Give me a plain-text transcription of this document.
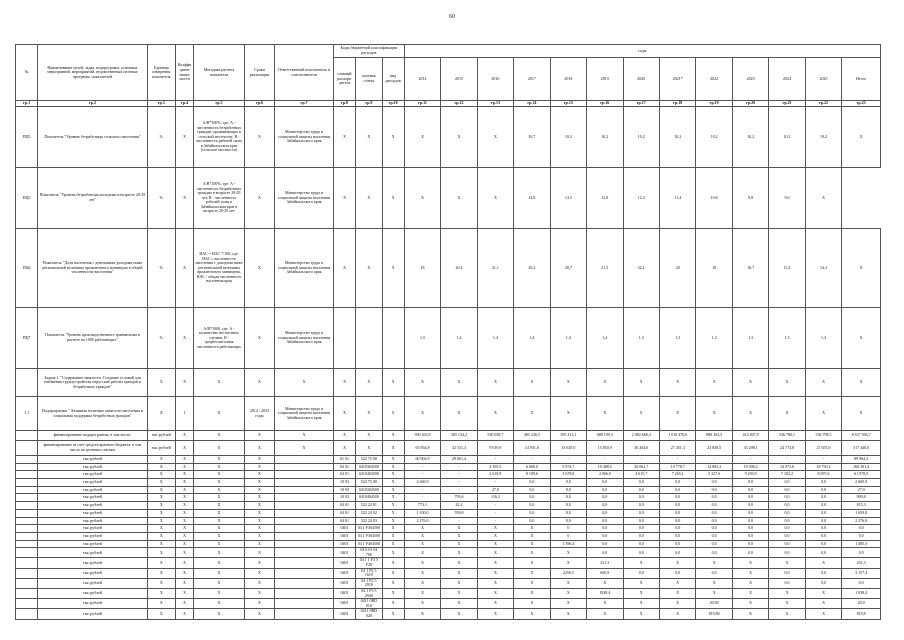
60
№	Наименование целей, задач, подпрограмм, основных мероприятий, мероприятий, ведомственных целевых программ, показателей	Единица измерения показателя	Коэффи циент значи- мости	Методика расчета показателя	Сроки реализации	Ответственный исполнитель и соисполнители	Коды бюджетной классификации расходов			годы												
							главный распоря- дитель	целевая статья	вид расходов	2014	2015	2016	2017	2018	2019	2020	2021*	2022	2023	2024	2025	Итого
гр.1	гр.2	гр.3	гр.4	гр.5	гр.6	гр.7	гр.8	гр.9	гр.10	гр.11	гр.12	гр.13	гр.14	гр.15	гр.16	гр.17	гр.18	гр.19	гр.20	гр.21	гр.22	гр.23
ПЦ5	Показатель "Уровень безработицы сельского населения"	%	X	А/В*100%, где: А - численность безработных граждан, проживающих в сельской местности, В - численность рабочей силы в Забайкальском крае (сельские местности)	X	Министерство труда и социальной защиты населения Забайкальского края	X	X	X	X	X	X	10,7	10,2	10,2	10,2	10,2	10,2	10,2	10,2	10,2	X
ПЦ5	Показатель "Уровень безработицы молодежи в возрасте 20-29 лет"	%	X	А/В*100%, где: А - численность безработных граждан в возрасте 20-29 лет, В - численность рабочей силы в Забайкальском крае в возрасте 20-29 лет	X	Министерство труда и социальной защиты населения Забайкальского края	X	X	X	X	X	X	14,8	14,5	12,8	12,3	11,4	10,6	9,8	9,0	X	
ПЦ6	Показатель "Доля населения с денежными доходами ниже региональной величины прожиточного минимума в общей численности населения"	%	X	НАС = НАС */100, где: НАС с численность населения с доходами ниже региональной величины прожиточного минимума, НАС - общая численность населения края	X	Министерство труда и социальной защиты населения Забайкальского края	X	X	X	18	20,4	21,1	20,2	20,7	21,5	22,1	20	18	16,7	15,4	14,3	X
ПЦ7	Показатель "Уровень производственного травматизма в расчете на 1000 работающих"	%	X	А/В*1000, где: А - количество несчастных случаев, В - среднесписочная численность работающих	X	Министерство труда и социальной защиты населения Забайкальского края				1,5	1,4	1,4	1,4	1,4	1,4	1,3	1,3	1,3	1,3	1,3	1,3	X
	Задача 1. "Содержание занятости. Создание условий для снабжения трудоустройству нерусские работы граждан и безработных граждан"	X	X	X	X	X	X	X	X	X	X	X	X	X	X	X	X	X	X	X	X	X
1.1	Подпрограмма " Активная политика занятости населения и социальная поддержка безработных граждан"	X	1	X	2014 - 2025 годы	Министерство труда и социальной защиты населения Забайкальского края	X	X	X	X	X	X	X	X	X	X	X	X	X	X	X	X
	финансирование подпрограммы, в том числе:	тыс.рублей	X	X	X	X	X	X	X	590 263,8	585 134,2	530 038,7	485 236,5	395 411,1	688 109,3	2 082 668,4	1 010 470,6	880 102,5	414 847,8	536 780,1	536 798,5	8 637 956,7
	финансирование за счет средств краевого бюджета, в том числе по целевым статьям	тыс.рублей	X	X	X	X	X	X	X	65 854,8	32 531,3	9 019,9	14 931,6	13 629,0	15 850,9	30 204,6	27 451,3	23 838,5	33 298,1	24 774,8	27 655,0	317 440,0
	тыс.рублей	X	X	X	X		01 01	522 75 00	X	60 902,9	29 061,4	-	-	-	-	-	-	-	-	-	-	89 964,3
	тыс.рублей	X	X	X	X		04 01	0410304500	X	-	-	4 395,5	6 668,0	9 974,7	10 408,5	20 062,7	19 778,7	14 863,3	19 500,2	14 972,6	18 750,2	160 381,4
	тыс.рублей	X	X	X	X		04 01	0410404500	X	-	-	2 618,8	8 109,6	3 678,8	4 006,9	4 615,7	7 265,1	5 327,6	9 250,9	7 102,2	8 097,6	61 978,5
	тыс.рублей	X	X	X	X		10 03	522 75 00	X	2 669,9	-	-	0,0	0,0	0,0	0,0	0,0	0,0	0,0	0,0	0,0	2 669,9
	тыс.рублей	X	X	X	X		10 03	0410304500	X	-	-	27,0	0,0	0,0	0,0	0,0	0,0	0,0	0,0	0,0	0,0	27,0
	тыс.рублей	X	X	X	X		10 03	0410404500	X	-	793,6	116,2	0,0	0,0	0,0	0,0	0,0	0,0	0,0	0,0	0,0	909,8
	тыс.рублей	X	X	X	X		04 01	522 24 01	X	773,1	42,2	-	0,0	0,0	0,0	0,0	0,0	0,0	0,0	0,0	0,0	815,3
	тыс.рублей	X	X	X	X		04 01	522 24 02	X	1 100,0	559,8	-	0,0	0,0	0,0	0,0	0,0	0,0	0,0	0,0	0,0	1 659,8
	тыс.рублей	X	X	X	X		04 01	522 24 03	X	2 276,0	-	-	0,0	0,0	0,0	0,0	0,0	0,0	0,0	0,0	0,0	2 276,0
	тыс.рублей	X	X	X	X		0401	04 1 F304500	X	X	X	X	X	0	0,0	0,0	0,0	0,0	0,0	0,0	0,0	0,0
	тыс.рублей	X	X	X	X		0401	04 1 F304500	X	X	X	X	X	0	0,0	0,0	0,0	0,0	0,0	0,0	0,0	0,0
	тыс.рублей	X	X	X	X		0401	04 1 F404500	X	X	X	X	X	1 396,4	0,0	0,0	0,0	0,0	0,0	0,0	0,0	1 485,3
	тыс.рублей	X	X	X	X		0401	04 6 01 04 700	X	X	X	X	X	X	0,0	0,0	0,0	0,0	0,0	0,0	0,0	0,0
	тыс.рублей	X	X	X	X		0401	04 1 1 F3 5 F28	X	X	X	X	X	X	231,3	X	X	X	X	X	X	231,3
	тыс.рублей	X	X	X	X		0401	04 1 P2 5 1610	X	X	X	X	X	2256,5	606,9	0,0	0,0	0,0	X	0,0	0,0	3 157,4
	тыс.рублей	X	X	X	X		0401	04 1 P2 5 2910	X	X	X	X	X	X	X	X	X	X	X	0,0	0,0	0,0
	тыс.рублей	X	X	X	X		0401	04 1 F3 5 2940	X	X	X	X	X	X	1938,4	X	X	X	X	X	X	1 938,4
	тыс.рублей	X	X	X	X		0401	0411 0RD 010	X	X	X	X	X	X	X	X	X	20,00	X	X	X	20,0
	тыс.рублей	X	X	X	X		0401	0411 0RD 020	X	X	X	X	X	X	X	X	X	819,80	X	X	X	819,8
